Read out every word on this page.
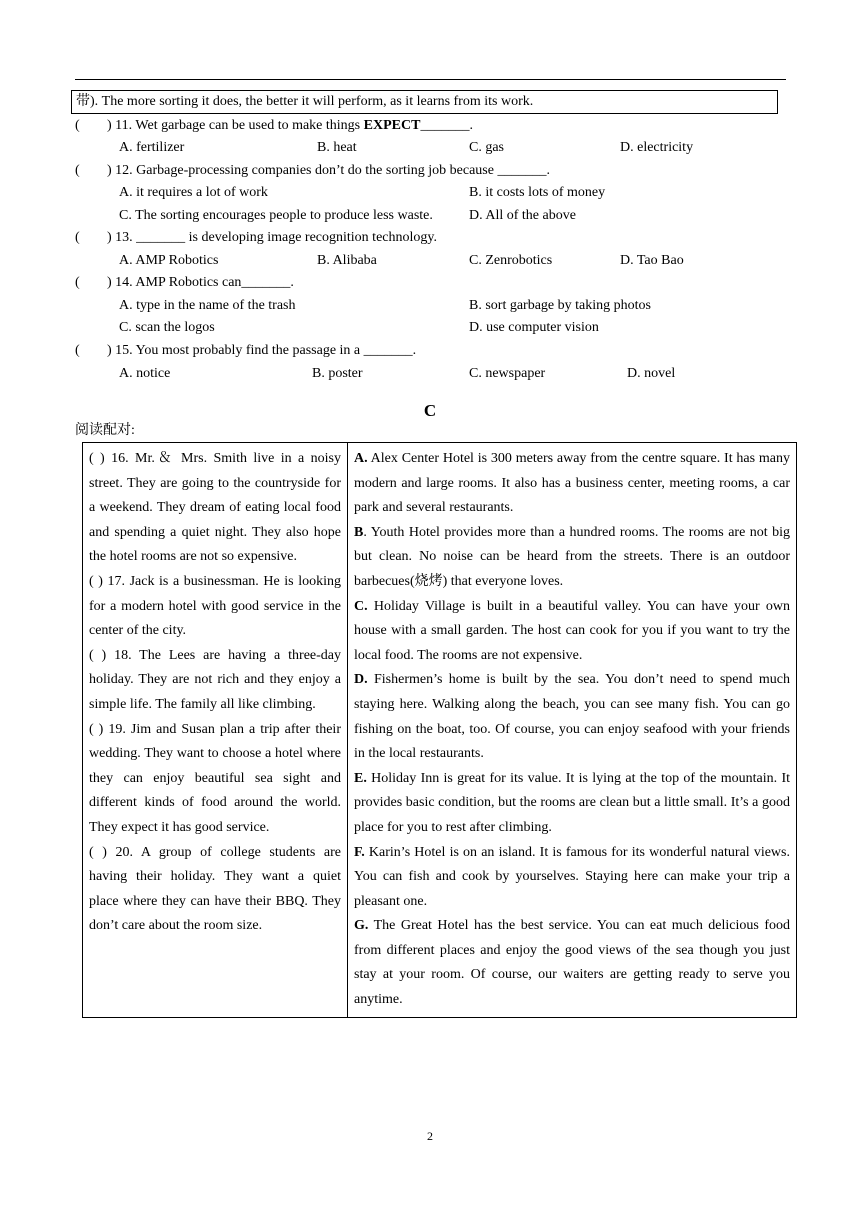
带). The more sorting it does, the better it will perform, as it learns from its work.
( ) 11. Wet garbage can be used to make things EXPECT_______.
A. fertilizer	B. heat	C. gas	D. electricity
( ) 12. Garbage-processing companies don’t do the sorting job because _______.
A. it requires a lot of work	B. it costs lots of money
C. The sorting encourages people to produce less waste.	D. All of the above
( ) 13. _______ is developing image recognition technology.
A. AMP Robotics	B. Alibaba	C. Zenrobotics	D. Tao Bao
( ) 14. AMP Robotics can_______.
A. type in the name of the trash	B. sort garbage by taking photos
C. scan the logos	D. use computer vision
( ) 15. You most probably find the passage in a _______.
A. notice	B. poster	C. newspaper	D. novel
C
阅读配对:

( ) 16. Mr.＆ Mrs. Smith live in a noisy street. They are going to the countryside for a weekend. They dream of eating local food and spending a quiet night. They also hope the hotel rooms are not so expensive.

( ) 17. Jack is a businessman. He is looking for a modern hotel with good service in the center of the city.

( ) 18. The Lees are having a three-day holiday. They are not rich and they enjoy a simple life. The family all like climbing.

( ) 19. Jim and Susan plan a trip after their wedding. They want to choose a hotel where they can enjoy beautiful sea sight and different kinds of food around the world. They expect it has good service.

( ) 20. A group of college students are having their holiday. They want a quiet place where they can have their BBQ. They don’t care about the room size.

A. Alex Center Hotel is 300 meters away from the centre square. It has many modern and large rooms. It also has a business center, meeting rooms, a car park and several restaurants.

B. Youth Hotel provides more than a hundred rooms. The rooms are not big but clean. No noise can be heard from the streets. There is an outdoor barbecues(烧烤) that everyone loves.

C. Holiday Village is built in a beautiful valley. You can have your own house with a small garden. The host can cook for you if you want to try the local food. The rooms are not expensive.

D. Fishermen’s home is built by the sea. You don’t need to spend much staying here. Walking along the beach, you can see many fish. You can go fishing on the boat, too. Of course, you can enjoy seafood with your friends in the local restaurants.

E. Holiday Inn is great for its value. It is lying at the top of the mountain. It provides basic condition, but the rooms are clean but a little small. It’s a good place for you to rest after climbing.

F. Karin’s Hotel is on an island. It is famous for its wonderful natural views. You can fish and cook by yourselves. Staying here can make your trip a pleasant one.

G. The Great Hotel has the best service. You can eat much delicious food from different places and enjoy the good views of the sea though you just stay at your room. Of course, our waiters are getting ready to serve you anytime.

2
